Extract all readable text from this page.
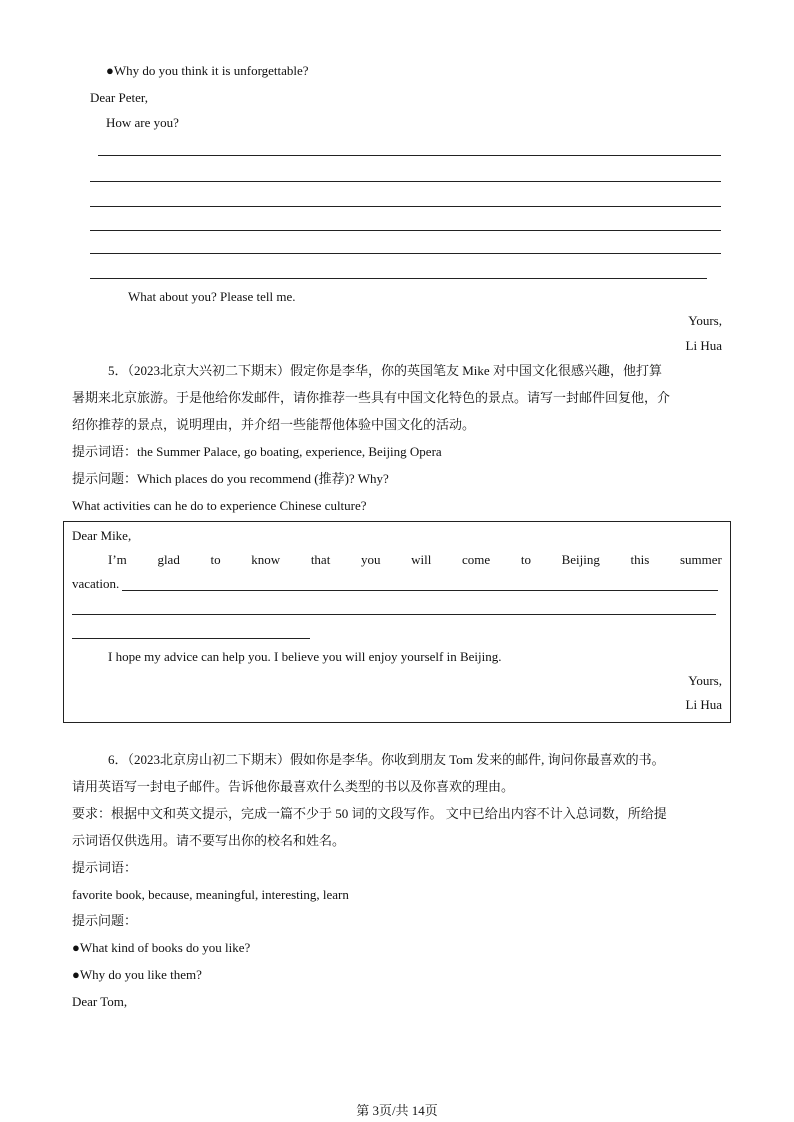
●Why do you think it is unforgettable?
Dear Peter,
How are you?
What about you? Please tell me.
Yours,
Li Hua
5．（2023北京大兴初二下期末）假定你是李华，你的英国笔友 Mike 对中国文化很感兴趣，他打算
暑期来北京旅游。于是他给你发邮件，请你推荐一些具有中国文化特色的景点。请写一封邮件回复他，介
绍你推荐的景点，说明理由，并介绍一些能帮他体验中国文化的活动。
提示词语：the Summer Palace, go boating, experience, Beijing Opera
提示问题：Which places do you recommend (推荐)? Why?
What activities can he do to experience Chinese culture?
Dear Mike,
I’m glad to know that you will come to Beijing this summer
vacation.
I hope my advice can help you. I believe you will enjoy yourself in Beijing.
Yours,
Li Hua
6．（2023北京房山初二下期末）假如你是李华。你收到朋友 Tom 发来的邮件, 询问你最喜欢的书。
请用英语写一封电子邮件。告诉他你最喜欢什么类型的书以及你喜欢的理由。
要求：根据中文和英文提示，完成一篇不少于 50 词的文段写作。 文中已给出内容不计入总词数，所给提
示词语仅供选用。请不要写出你的校名和姓名。
提示词语：
favorite book, because, meaningful, interesting, learn
提示问题：
●What kind of books do you like?
●Why do you like them?
Dear Tom,
第 3页/共 14页
